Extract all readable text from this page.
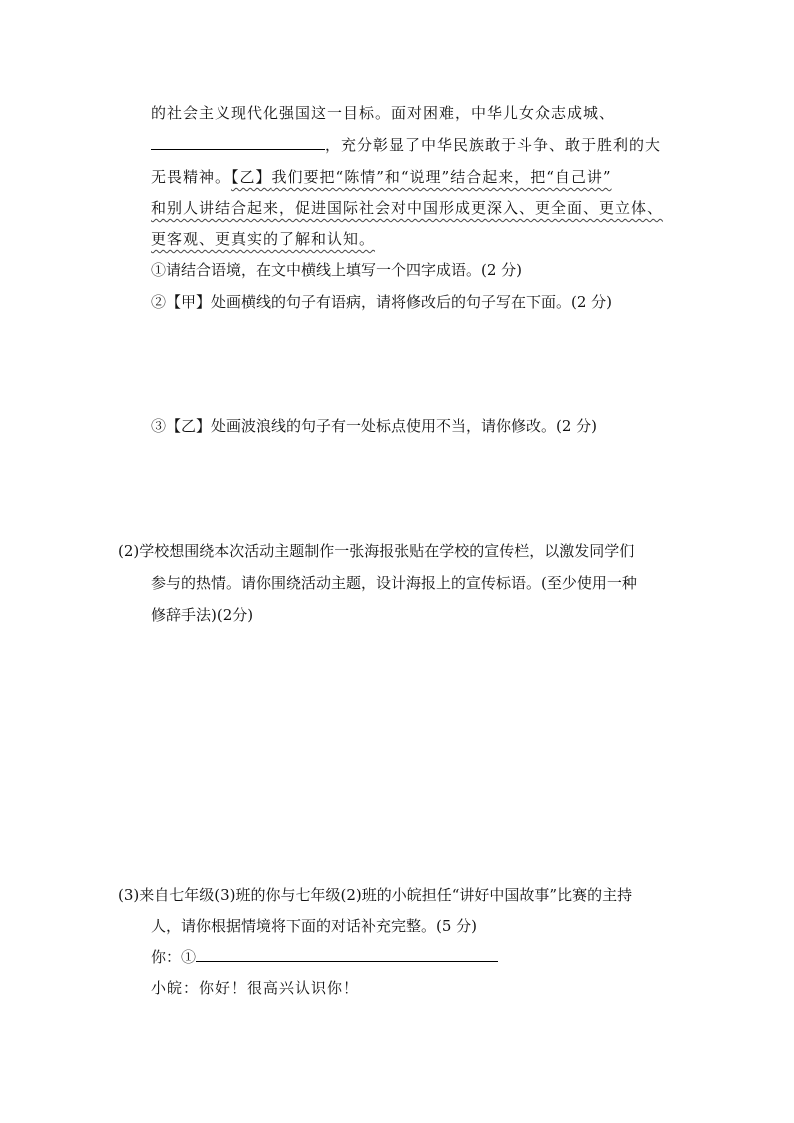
的社会主义现代化强国这一目标。面对困难，中华儿女众志成城、
，充分彰显了中华民族敢于斗争、敢于胜利的大
无畏精神。【乙】我们要把“陈情”和“说理”结合起来，把“自己讲”
和别人讲结合起来，促进国际社会对中国形成更深入、更全面、更立体、
更客观、更真实的了解和认知。
①请结合语境，在文中横线上填写一个四字成语。(2 分)
②【甲】处画横线的句子有语病，请将修改后的句子写在下面。(2 分)
③【乙】处画波浪线的句子有一处标点使用不当，请你修改。(2 分)
(2)学校想围绕本次活动主题制作一张海报张贴在学校的宣传栏，以激发同学们
参与的热情。请你围绕活动主题，设计海报上的宣传标语。(至少使用一种
修辞手法)(2分)
(3)来自七年级(3)班的你与七年级(2)班的小皖担任“讲好中国故事”比赛的主持
人，请你根据情境将下面的对话补充完整。(5 分)
你：①
小皖：你好！很高兴认识你！
